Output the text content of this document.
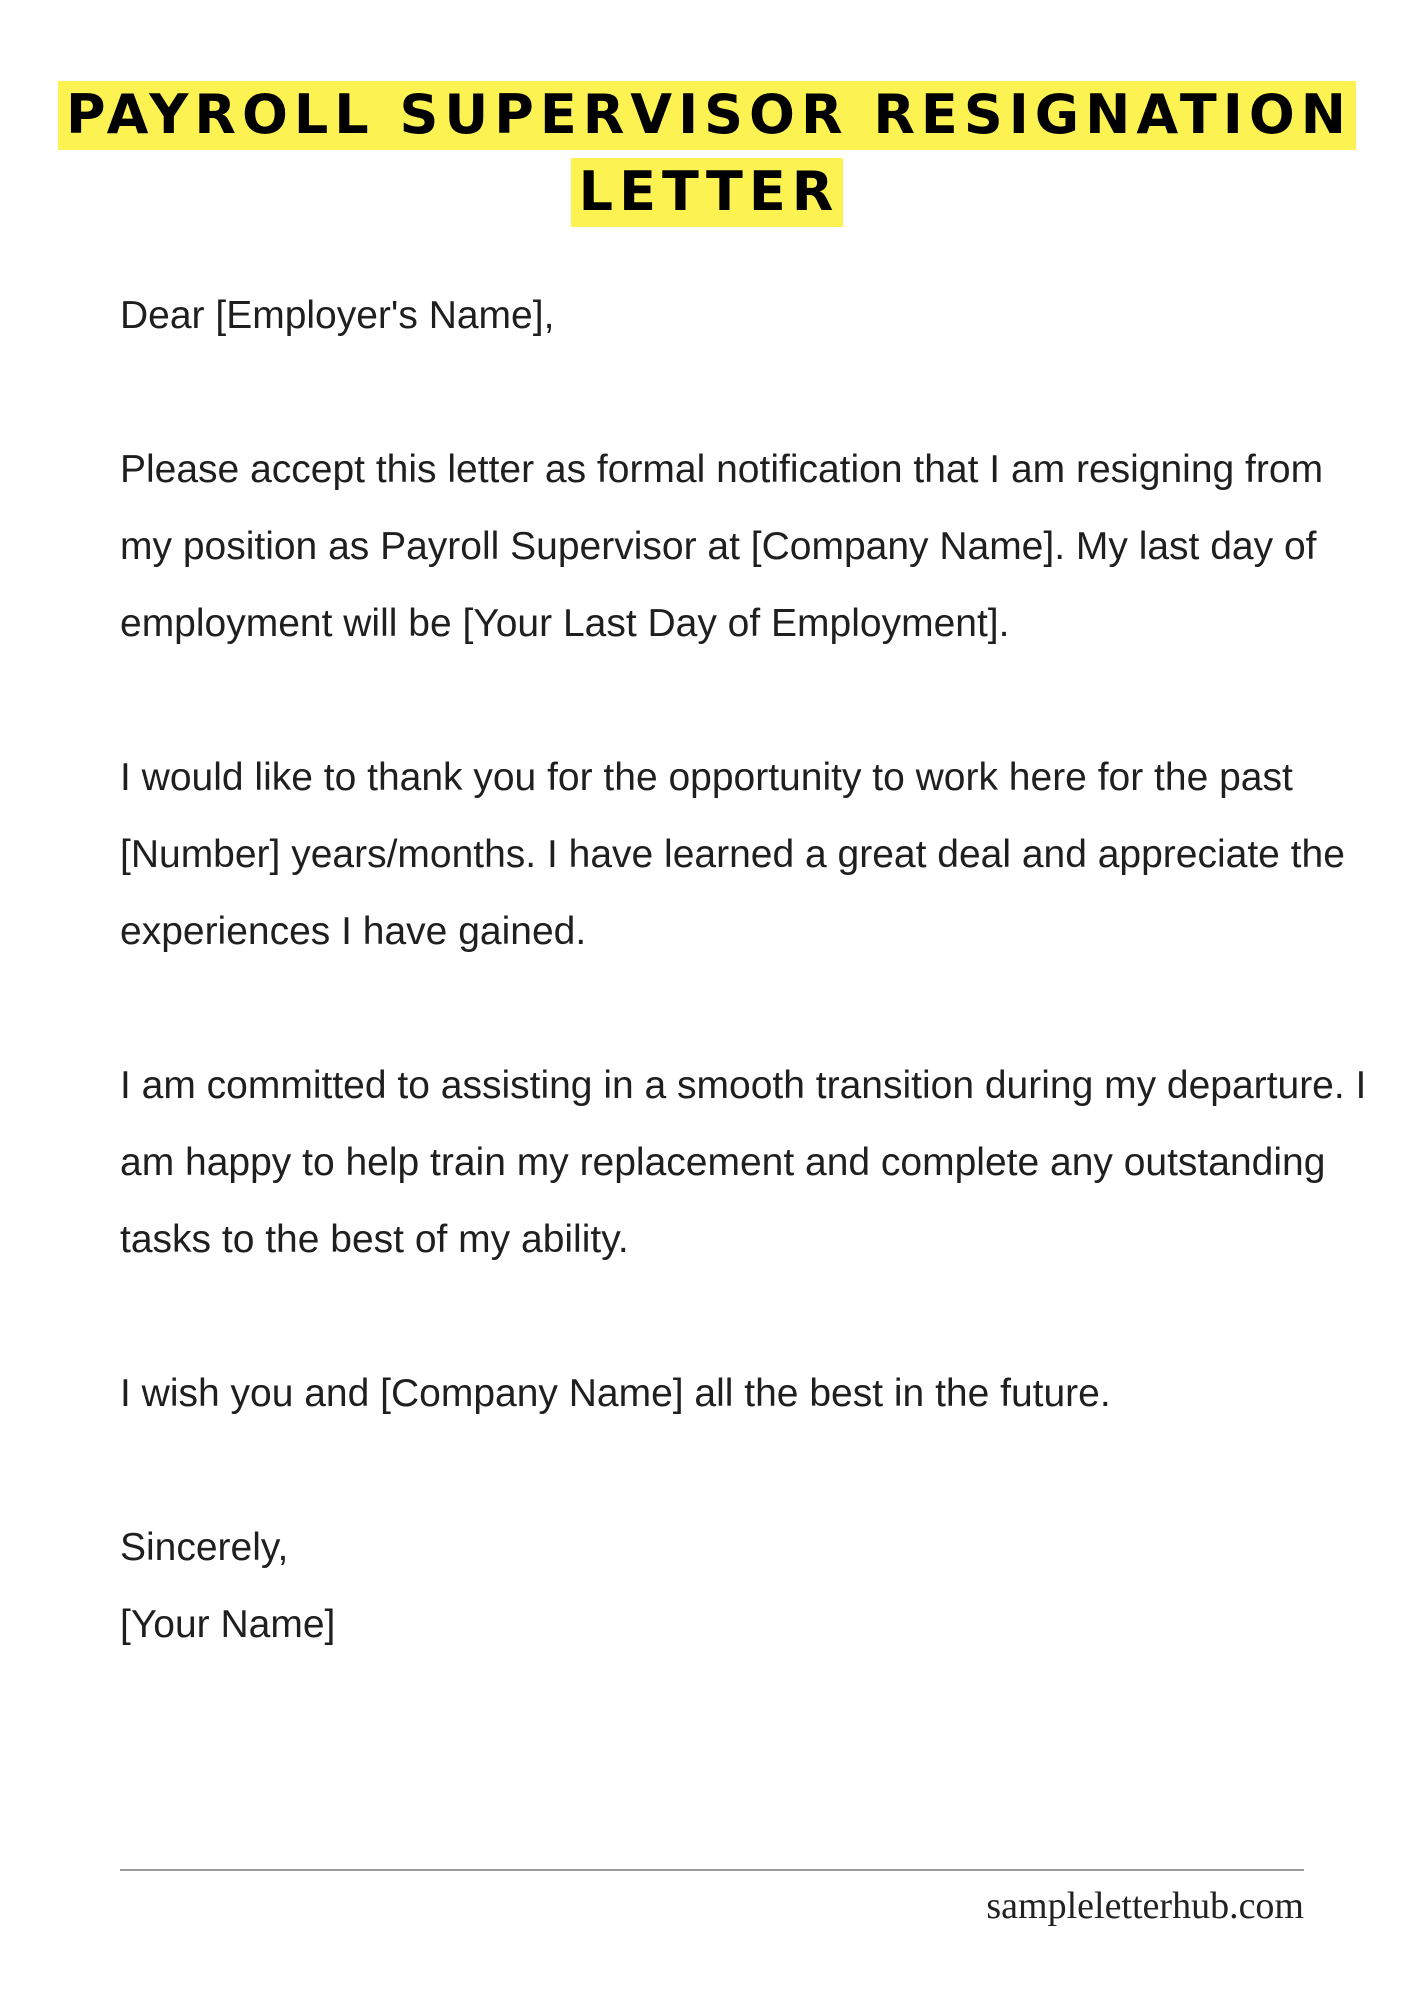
PAYROLL SUPERVISOR RESIGNATION
LETTER

Dear [Employer's Name],

Please accept this letter as formal notification that I am resigning from my position as Payroll Supervisor at [Company Name]. My last day of employment will be [Your Last Day of Employment].

I would like to thank you for the opportunity to work here for the past [Number] years/months. I have learned a great deal and appreciate the experiences I have gained.

I am committed to assisting in a smooth transition during my departure. I am happy to help train my replacement and complete any outstanding tasks to the best of my ability.

I wish you and [Company Name] all the best in the future.

Sincerely,
[Your Name]
sampleletterhub.com
